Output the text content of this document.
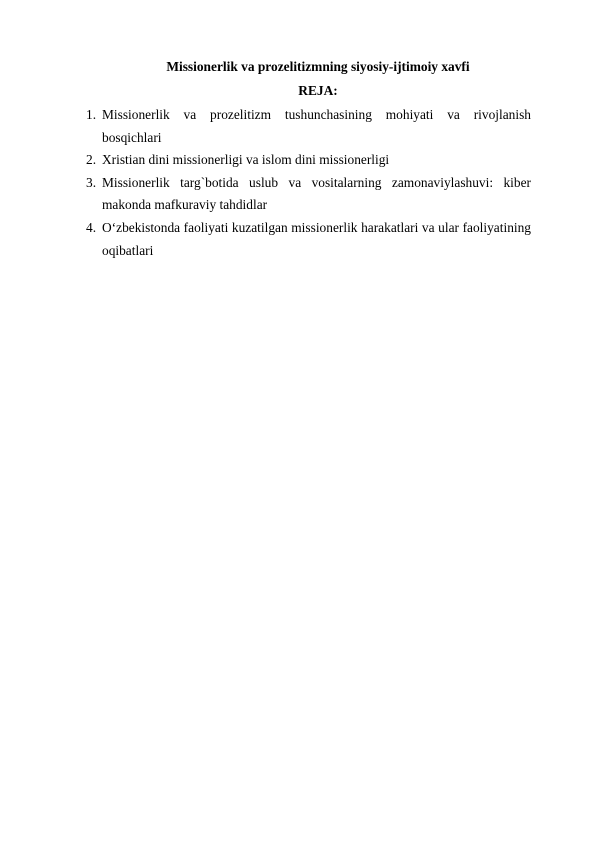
Missionerlik va prozelitizmning siyosiy-ijtimoiy xavfi
REJA:
1. Missionerlik va prozelitizm tushunchasining mohiyati va rivojlanish
bosqichlari
2. Xristian dini missionerligi va islom dini missionerligi
3. Missionerlik targ`botida uslub va vositalarning zamonaviylashuvi: kiber
makonda mafkuraviy tahdidlar
4. O‘zbekistonda faoliyati kuzatilgan missionerlik harakatlari va ular faoliyatining
oqibatlari
